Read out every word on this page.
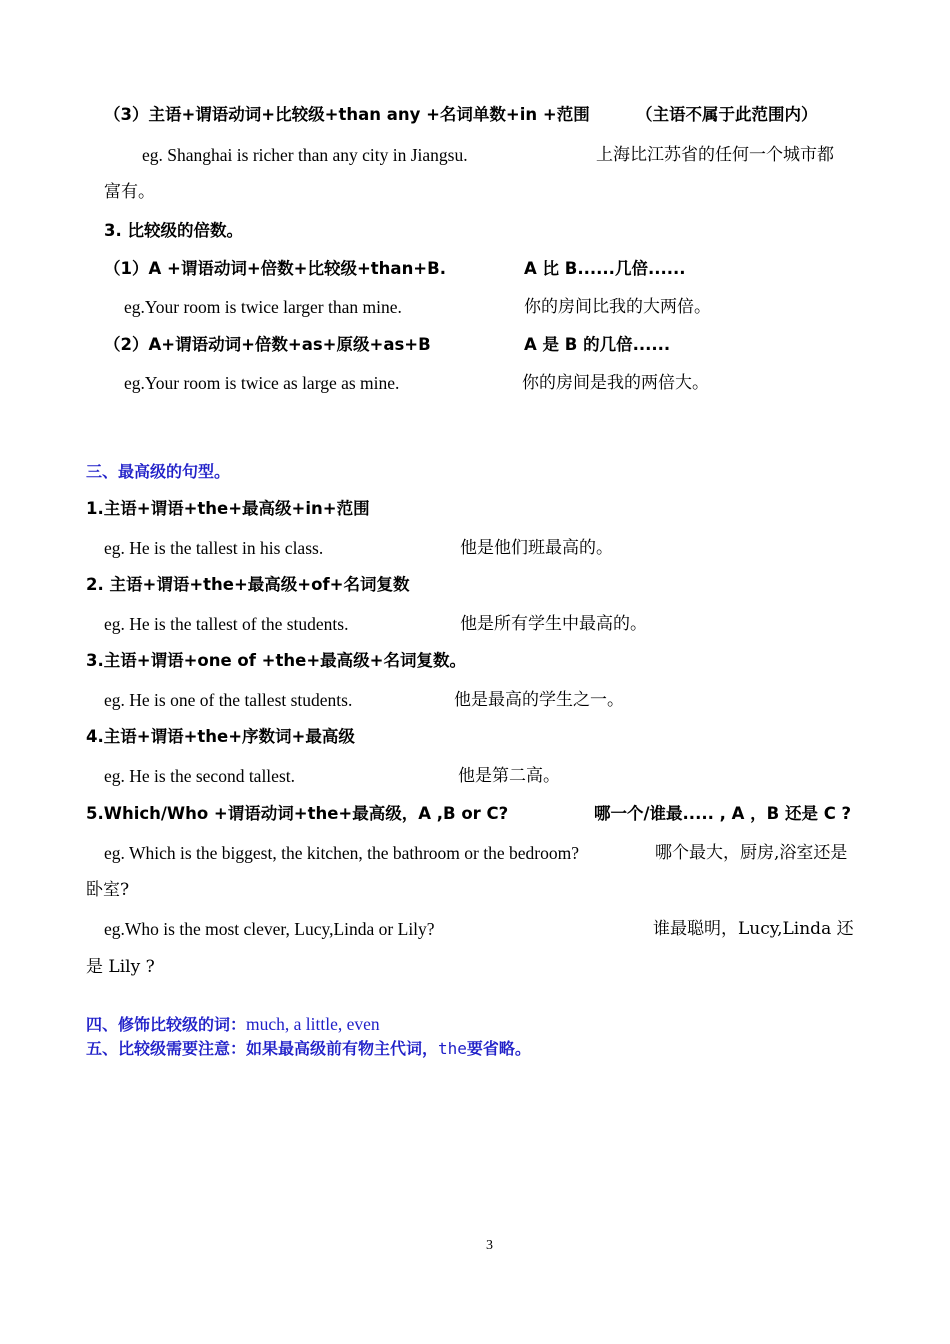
（3）主语+谓语动词+比较级+than any +名词单数+in +范围	（主语不属于此范围内）
eg. Shanghai is richer than any city in Jiangsu.	上海比江苏省的任何一个城市都
富有。
3. 比较级的倍数。
（1）A +谓语动词+倍数+比较级+than+B.	A 比 B......几倍......
eg.Your room is twice larger than mine.	你的房间比我的大两倍。
（2）A+谓语动词+倍数+as+原级+as+B	A 是 B 的几倍......
eg.Your room is twice as large as mine.	你的房间是我的两倍大。
三、最高级的句型。
1.主语+谓语+the+最高级+in+范围
eg. He is the tallest in his class.	他是他们班最高的。
2. 主语+谓语+the+最高级+of+名词复数
eg. He is the tallest of the students.	他是所有学生中最高的。
3.主语+谓语+one of +the+最高级+名词复数。
eg. He is one of the tallest students.	他是最高的学生之一。
4.主语+谓语+the+序数词+最高级
eg. He is the second tallest.	他是第二高。
5.Which/Who +谓语动词+the+最高级，A ,B or C?	哪一个/谁最..... , A ，B 还是 C ?
eg. Which is the biggest, the kitchen, the bathroom or the bedroom?	哪个最大，厨房,浴室还是
卧室?
eg.Who is the most clever, Lucy,Linda or Lily?	谁最聪明，Lucy,Linda 还
是 Lily ?
四、修饰比较级的词：much, a little, even
五、比较级需要注意：如果最高级前有物主代词，the要省略。
3
